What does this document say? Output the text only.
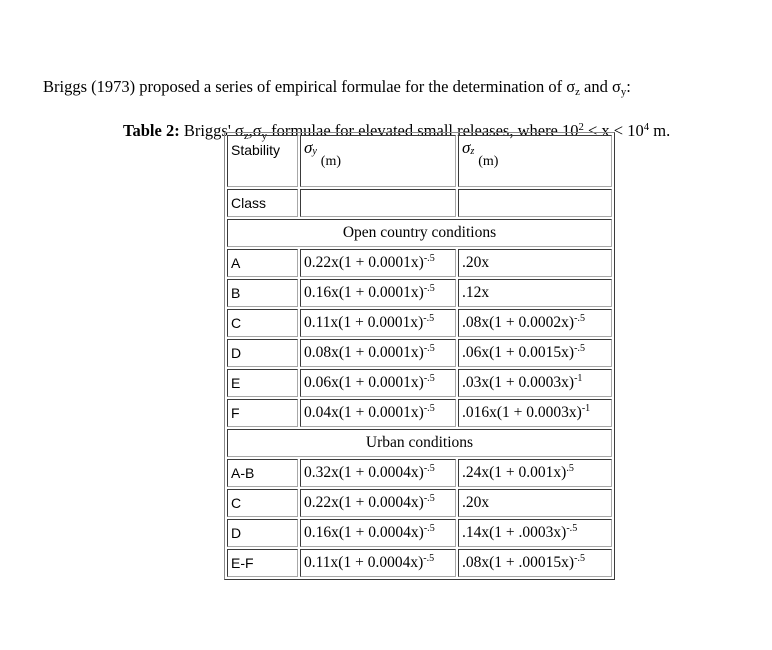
Briggs (1973) proposed a series of empirical formulae for the determination of $\sigma_z$ and $\sigma_y$:

Table 2: Briggs' $\sigma_z,\sigma_y$ formulae for elevated small releases, where $10^2 < x < 10^4$ m.

Stability	$\sigma_y$ (m)	$\sigma_z$ (m)
Class		
Open country conditions		
A	$0.22x(1 + 0.0001x)^{-.5}$	.20x
B	$0.16x(1 + 0.0001x)^{-.5}$	.12x
C	$0.11x(1 + 0.0001x)^{-.5}$	$.08x(1 + 0.0002x)^{-.5}$
D	$0.08x(1 + 0.0001x)^{-.5}$	$.06x(1 + 0.0015x)^{-.5}$
E	$0.06x(1 + 0.0001x)^{-.5}$	$.03x(1 + 0.0003x)^{-1}$
F	$0.04x(1 + 0.0001x)^{-.5}$	$.016x(1 + 0.0003x)^{-1}$
Urban conditions		
A-B	$0.32x(1 + 0.0004x)^{-.5}$	$.24x(1 + 0.001x)^{.5}$
C	$0.22x(1 + 0.0004x)^{-.5}$	.20x
D	$0.16x(1 + 0.0004x)^{-.5}$	$.14x(1 + .0003x)^{-.5}$
E-F	$0.11x(1 + 0.0004x)^{-.5}$	$.08x(1 + .00015x)^{-.5}$
